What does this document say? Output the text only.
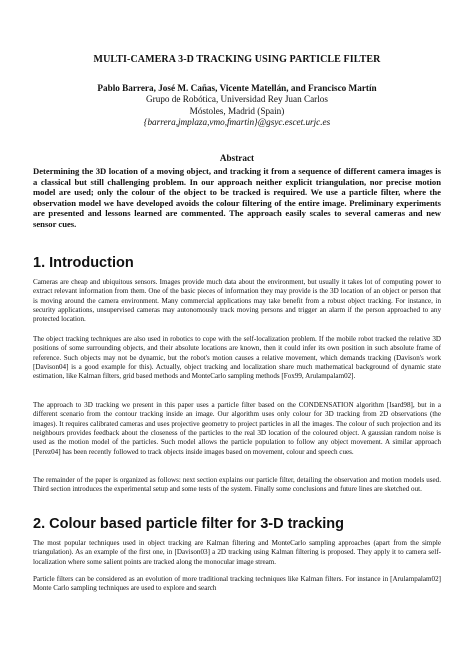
MULTI-CAMERA 3-D TRACKING USING PARTICLE FILTER
Pablo Barrera, José M. Cañas, Vicente Matellán, and Francisco Martín
Grupo de Robótica, Universidad Rey Juan Carlos
Móstoles, Madrid (Spain)
{barrera,jmplaza,vmo,fmartin}@gsyc.escet.urjc.es
Abstract

Determining the 3D location of a moving object, and tracking it from a sequence of different camera images is a classical but still challenging problem. In our approach neither explicit triangulation, nor precise motion model are used; only the colour of the object to be tracked is required. We use a particle filter, where the observation model we have developed avoids the colour filtering of the entire image. Preliminary experiments are presented and lessons learned are commented. The approach easily scales to several cameras and new sensor cues.

1. Introduction

Cameras are cheap and ubiquitous sensors. Images provide much data about the environment, but usually it takes lot of computing power to extract relevant information from them. One of the basic pieces of information they may provide is the 3D location of an object or person that is moving around the camera environment. Many commercial applications may take benefit from a robust object tracking. For instance, in security applications, unsupervised cameras may autonomously track moving persons and trigger an alarm if the person approached to any protected location.

The object tracking techniques are also used in robotics to cope with the self-localization problem. If the mobile robot tracked the relative 3D positions of some surrounding objects, and their absolute locations are known, then it could infer its own position in such absolute frame of reference. Such objects may not be dynamic, but the robot's motion causes a relative movement, which demands tracking (Davison's work [Davison04] is a good example for this). Actually, object tracking and localization share much mathematical background of dynamic state estimation, like Kalman filters, grid based methods and MonteCarlo sampling methods [Fox99, Arulampalam02].

The approach to 3D tracking we present in this paper uses a particle filter based on the CONDENSATION algorithm [Isard98], but in a different scenario from the contour tracking inside an image. Our algorithm uses only colour for 3D tracking from 2D observations (the images). It requires calibrated cameras and uses projective geometry to project particles in all the images. The colour of such projection and its neighbours provides feedback about the closeness of the particles to the real 3D location of the coloured object. A gaussian random noise is used as the motion model of the particles. Such model allows the particle population to follow any object movement. A similar approach [Perez04] has been recently followed to track objects inside images based on movement, colour and speech cues.

The remainder of the paper is organized as follows: next section explains our particle filter, detailing the observation and motion models used. Third section introduces the experimental setup and some tests of the system. Finally some conclusions and future lines are sketched out.

2. Colour based particle filter for 3-D tracking

The most popular techniques used in object tracking are Kalman filtering and MonteCarlo sampling approaches (apart from the simple triangulation). As an example of the first one, in [Davison03] a 2D tracking using Kalman filtering is proposed. They apply it to camera self-localization where some salient points are tracked along the monocular image stream.

Particle filters can be considered as an evolution of more traditional tracking techniques like Kalman filters. For instance in [Arulampalam02] Monte Carlo sampling techniques are used to explore and search
